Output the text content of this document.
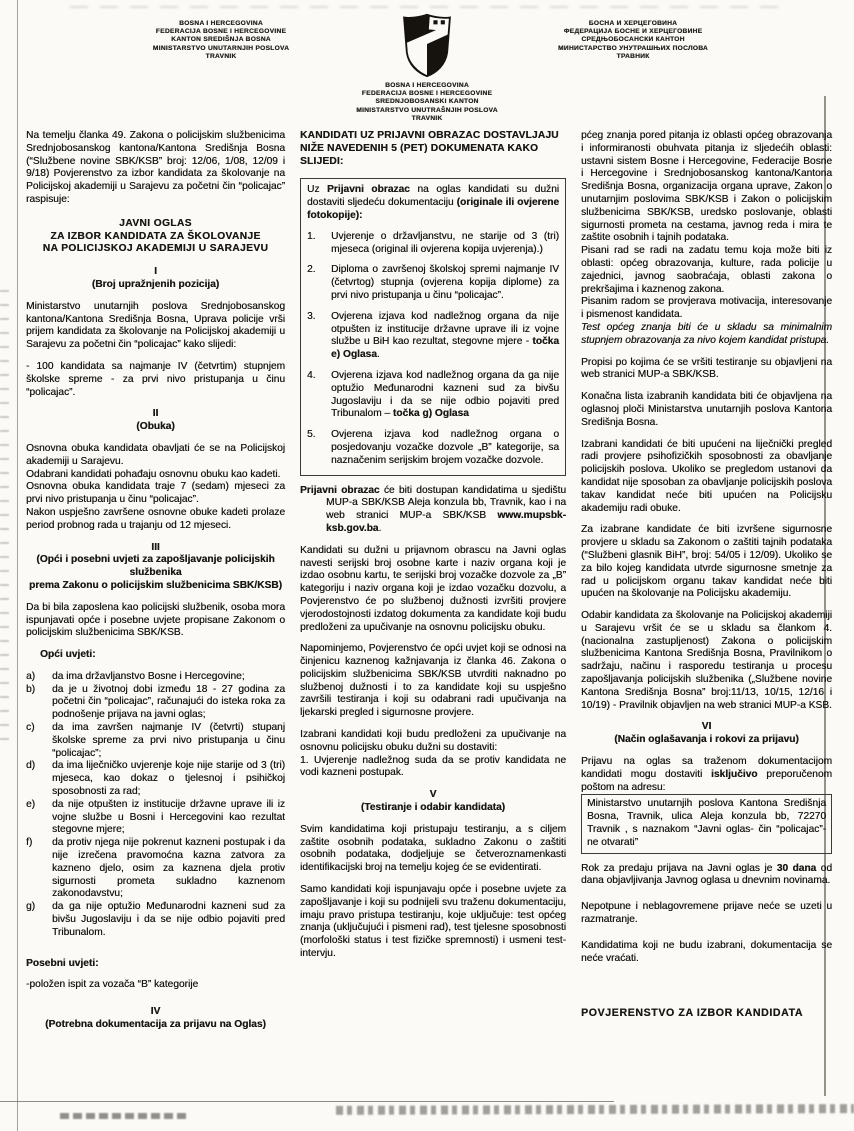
BOSNA I HERCEGOVINA
FEDERACIJA BOSNE I HERCEGOVINE
KANTON SREDIŠNJA BOSNA
MINISTARSTVO UNUTARNJIH POSLOVA
TRAVNIK
БОСНА И ХЕРЦЕГОВИНА
ФЕДЕРАЦИЈА БОСНЕ И ХЕРЦЕГОВИНЕ
СРЕДЊОБОСАНСКИ КАНТОН
МИНИСТАРСТВО УНУТРАШЊИХ ПОСЛОВА
ТРАВНИК
BOSNA I HERCEGOVINA
FEDERACIJA BOSNE I HERCEGOVINE
SREDNJOBOSANSKI KANTON
MINISTARSTVO UNUTRAŠNJIH POSLOVA
TRAVNIK

Na temelju članka 49. Zakona o policijskim službenicima Srednjobosanskog kantona/Kantona Središnja Bosna (“Službene novine SBK/KSB” broj: 12/06, 1/08, 12/09 i 9/18) Povjerenstvo za izbor kandidata za školovanje na Policijskoj akademiji u Sarajevu za početni čin “policajac” raspisuje:

JAVNI OGLAS
ZA IZBOR KANDIDATA ZA ŠKOLOVANJE
NA POLICIJSKOJ AKADEMIJI U SARAJEVU
I
(Broj upražnjenih pozicija)

Ministarstvo unutarnjih poslova Srednjobosanskog kantona/Kantona Središnja Bosna, Uprava policije vrši prijem kandidata za školovanje na Policijskoj akademiji u Sarajevu za početni čin “policajac” kako slijedi:

- 100 kandidata sa najmanje IV (četvrtim) stupnjem školske spreme - za prvi nivo pristupanja u činu “policajac”.

II
(Obuka)
Osnovna obuka kandidata obavljati će se na Policijskoj akademiji u Sarajevu.
Odabrani kandidati pohađaju osnovnu obuku kao kadeti.
Osnovna obuka kandidata traje 7 (sedam) mjeseci za prvi nivo pristupanja u činu “policajac”.
Nakon uspješno završene osnovne obuke kadeti prolaze period probnog rada u trajanju od 12 mjeseci.
III
(Opći i posebni uvjeti za zapošljavanje policijskih službenika
prema Zakonu o policijskim službenicima SBK/KSB)

Da bi bila zaposlena kao policijski službenik, osoba mora ispunjavati opće i posebne uvjete propisane Zakonom o policijskim službenicima SBK/KSB.

Opći uvjeti:

a)	da ima državljanstvo Bosne i Hercegovine;
b)	da je u životnoj dobi između 18 - 27 godina za početni čin “policajac”, računajući do isteka roka za podnošenje prijava na javni oglas;
c)	da ima završen najmanje IV (četvrti) stupanj školske spreme za prvi nivo pristupanja u činu “policajac”;
d)	da ima liječničko uvjerenje koje nije starije od 3 (tri) mjeseca, kao dokaz o tjelesnoj i psihičkoj sposobnosti za rad;
e)	da nije otpušten iz institucije državne uprave ili iz vojne službe u Bosni i Hercegovini kao rezultat stegovne mjere;
f)	da protiv njega nije pokrenut kazneni postupak i da nije izrečena pravomoćna kazna zatvora za kazneno djelo, osim za kaznena djela protiv sigurnosti prometa sukladno kaznenom zakonodavstvu;
g)	da ga nije optužio Međunarodni kazneni sud za bivšu Jugoslaviju i da se nije odbio pojaviti pred Tribunalom.

Posebni uvjeti:

-položen ispit za vozača “B” kategorije

IV
(Potrebna dokumentacija za prijavu na Oglas)

KANDIDATI UZ PRIJAVNI OBRAZAC DOSTAVLJAJU NIŽE NAVEDENIH 5 (PET) DOKUMENATA KAKO SLIJEDI:

Uz Prijavni obrazac na oglas kandidati su dužni dostaviti sljedeću dokumentaciju (originale ili ovjerene fotokopije):

1.	Uvjerenje o državljanstvu, ne starije od 3 (tri) mjeseca (original ili ovjerena kopija uvjerenja).)
2.	Diploma o završenoj školskoj spremi najmanje IV (četvrtog) stupnja (ovjerena kopija diplome) za prvi nivo pristupanja u činu “policajac”.
3.	Ovjerena izjava kod nadležnog organa da nije otpušten iz institucije državne uprave ili iz vojne službe u BiH kao rezultat, stegovne mjere - točka e) Oglasa.
4.	Ovjerena izjava kod nadležnog organa da ga nije optužio Međunarodni kazneni sud za bivšu Jugoslaviju i da se nije odbio pojaviti pred Tribunalom – točka g) Oglasa
5.	Ovjerena izjava kod nadležnog organa o posjedovanju vozačke dozvole „B” kategorije, sa naznačenim serijskim brojem vozačke dozvole.

Prijavni obrazac će biti dostupan kandidatima u sjedištu MUP-a SBK/KSB Aleja konzula bb, Travnik, kao i na web stranici MUP-a SBK/KSB www.mupsbk-ksb.gov.ba.

Kandidati su dužni u prijavnom obrascu na Javni oglas navesti serijski broj osobne karte i naziv organa koji je izdao osobnu kartu, te serijski broj vozačke dozvole za „B” kategoriju i naziv organa koji je izdao vozačku dozvolu, a Povjerenstvo će po službenoj dužnosti izvršiti provjere vjerodostojnosti izdatog dokumenta za kandidate koji budu predloženi za upučivanje na osnovnu policijsku obuku.

Napominjemo, Povjerenstvo će opći uvjet koji se odnosi na činjenicu kaznenog kažnjavanja iz članka 46. Zakona o policijskim službenicima SBK/KSB utvrditi naknadno po službenoj dužnosti i to za kandidate koji su uspješno završili testiranja i koji su odabrani radi upučivanja na ljekarski pregled i sigurnosne provjere.

Izabrani kandidati koji budu predloženi za upučivanje na osnovnu policijsku obuku dužni su dostaviti:
1. Uvjerenje nadležnog suda da se protiv kandidata ne vodi kazneni postupak.
V
(Testiranje i odabir kandidata)

Svim kandidatima koji pristupaju testiranju, a s ciljem zaštite osobnih podataka, sukladno Zakonu o zaštiti osobnih podataka, dodjeljuje se četveroznamenkasti identifikacijski broj na temelju kojeg će se evidentirati.

Samo kandidati koji ispunjavaju opće i posebne uvjete za zapošljavanje i koji su podnijeli svu traženu dokumentaciju, imaju pravo pristupa testiranju, koje uključuje: test općeg znanja (uključujući i pismeni rad), test tjelesne sposobnosti (morfološki status i test fizičke spremnosti) i usmeni test-intervju.

pćeg znanja pored pitanja iz oblasti općeg obrazovanja i informiranosti obuhvata pitanja iz sljedećih oblasti: ustavni sistem Bosne i Hercegovine, Federacije Bosne i Hercegovine i Srednjobosanskog kantona/Kantona Središnja Bosna, organizacija organa uprave, Zakon o unutarnjim poslovima SBK/KSB i Zakon o policijskim službenicima SBK/KSB, uredsko poslovanje, oblasti sigurnosti prometa na cestama, javnog reda i mira te zaštite osobnih i tajnih podataka.
Pisani rad se radi na zadatu temu koja može biti iz oblasti: općeg obrazovanja, kulture, rada policije u zajednici, javnog saobraćaja, oblasti zakona o prekršajima i kaznenog zakona.
Pisanim radom se provjerava motivacija, interesovanje i pismenost kandidata.
Test općeg znanja biti će u skladu sa minimalnim stupnjem obrazovanja za nivo kojem kandidat pristupa.

Propisi po kojima će se vršiti testiranje su objavljeni na web stranici MUP-a SBK/KSB.

Konačna lista izabranih kandidata biti će objavljena na oglasnoj ploči Ministarstva unutarnjih poslova Kantona Središnja Bosna.

Izabrani kandidati će biti upućeni na liječnički pregled radi provjere psihofizičkih sposobnosti za obavljanje policijskih poslova. Ukoliko se pregledom ustanovi da kandidat nije sposoban za obavljanje policijskih poslova takav kandidat neće biti upućen na Policijsku akademiju radi obuke.

Za izabrane kandidate će biti izvršene sigurnosne provjere u skladu sa Zakonom o zaštiti tajnih podataka (“Službeni glasnik BiH”, broj: 54/05 i 12/09). Ukoliko se za bilo kojeg kandidata utvrde sigurnosne smetnje za rad u policijskom organu takav kandidat neće biti upućen na školovanje na Policijsku akademiju.

Odabir kandidata za školovanje na Policijskoj akademiji u Sarajevu vršit će se u skladu sa člankom 4. (nacionalna zastupljenost) Zakona o policijskim službenicima Kantona Središnja Bosna, Pravilnikom o sadržaju, načinu i rasporedu testiranja u procesu zapošljavanja policijskih službenika („Službene novine Kantona Središnja Bosna” broj:11/13, 10/15, 12/16 i 10/19) - Pravilnik objavljen na web stranici MUP-a KSB.

VI
(Način oglašavanja i rokovi za prijavu)

Prijavu na oglas sa traženom dokumentacijom kandidati mogu dostaviti isključivo preporučenom poštom na adresu:

Ministarstvo unutarnjih poslova Kantona Središnja Bosna, Travnik, ulica Aleja konzula bb, 72270 Travnik , s naznakom “Javni oglas- čin “policajac”- ne otvarati”

Rok za predaju prijava na Javni oglas je 30 dana od dana objavljivanja Javnog oglasa u dnevnim novinama.

Nepotpune i neblagovremene prijave neće se uzeti u razmatranje.

Kandidatima koji ne budu izabrani, dokumentacija se neće vraćati.

POVJERENSTVO ZA IZBOR KANDIDATA
